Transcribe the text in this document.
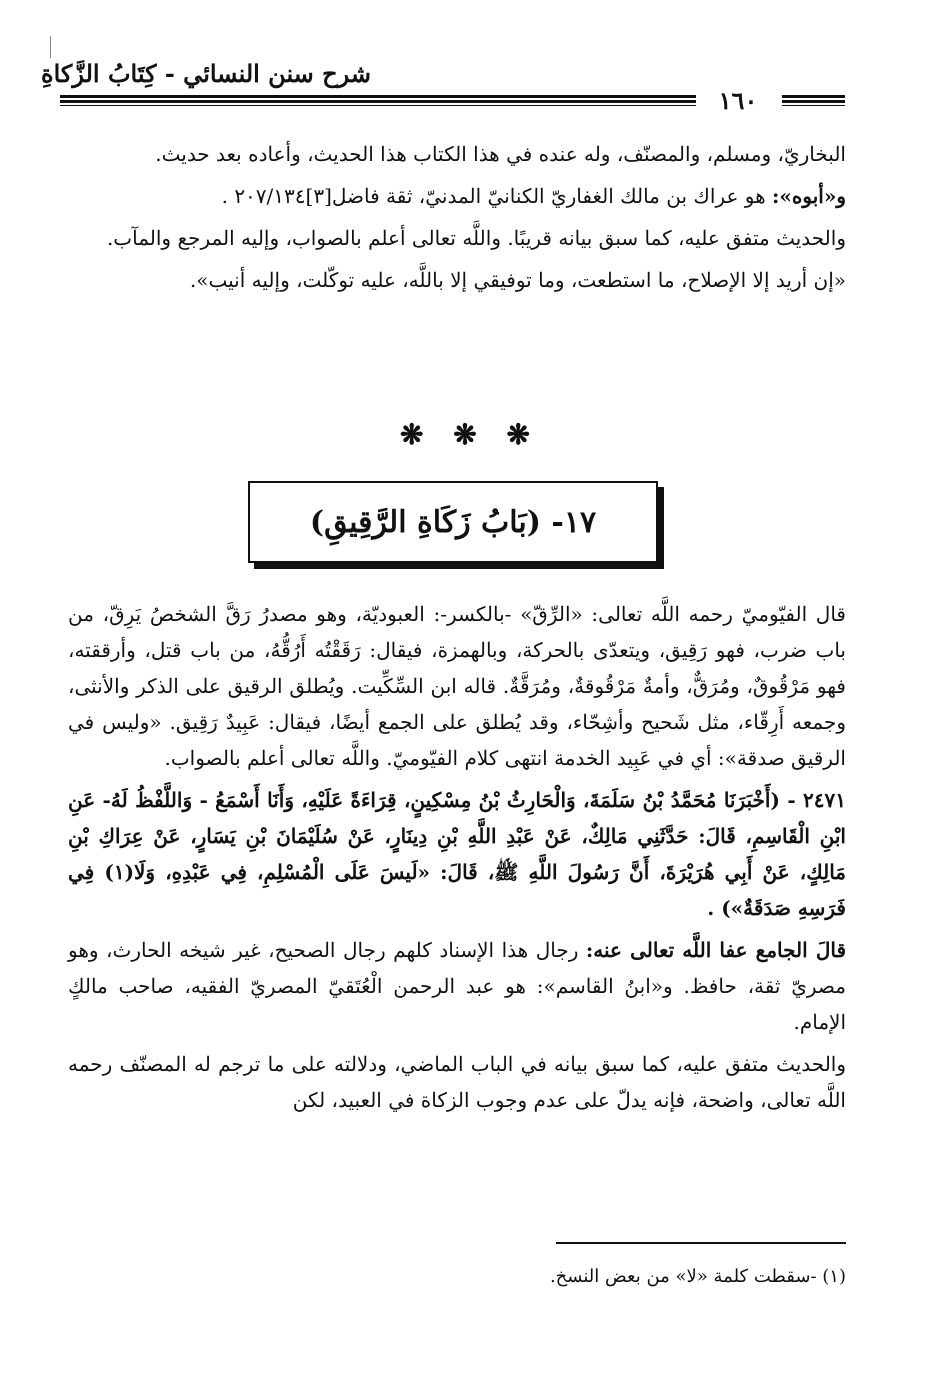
شرح سنن النسائي - كِتَابُ الزَّكاةِ
١٦٠

البخاريّ، ومسلم، والمصنّف، وله عنده في هذا الكتاب هذا الحديث، وأعاده بعد حديث.

و«أبوه»: هو عراك بن مالك الغفاريّ الكنانيّ المدنيّ، ثقة فاضل[٣]٢٠٧/١٣٤ .

والحديث متفق عليه، كما سبق بيانه قريبًا. واللَّه تعالى أعلم بالصواب، وإليه المرجع والمآب.

«إن أريد إلا الإصلاح، ما استطعت، وما توفيقي إلا باللَّه، عليه توكّلت، وإليه أنيب».

❋ ❋ ❋
١٧- (بَابُ زَكَاةِ الرَّقِيقِ)

قال الفيّوميّ رحمه اللَّه تعالى: «الرِّقّ» -بالكسر-: العبوديّة، وهو مصدرُ رَقَّ الشخصُ يَرِقّ، من باب ضرب، فهو رَقِيق، ويتعدّى بالحركة، وبالهمزة، فيقال: رَقَقْتُه أَرُقُّهُ، من باب قتل، وأرققته، فهو مَرْقُوقٌ، ومُرَقٌّ، وأمةٌ مَرْقُوقةٌ، ومُرَقَّةٌ. قاله ابن السِّكِّيت. ويُطلق الرقيق على الذكر والأنثى، وجمعه أَرِقّاء، مثل شَحيح وأشِحّاء، وقد يُطلق على الجمع أيضًا، فيقال: عَبِيدٌ رَقِيق. «وليس في الرقيق صدقة»: أي في عَبِيد الخدمة انتهى كلام الفيّوميّ. واللَّه تعالى أعلم بالصواب.

٢٤٧١ - (أَخْبَرَنَا مُحَمَّدُ بْنُ سَلَمَةَ، وَالْحَارِثُ بْنُ مِسْكِينٍ، قِرَاءَةً عَلَيْهِ، وَأَنَا أَسْمَعُ - وَاللَّفْظُ لَهُ- عَنِ ابْنِ الْقَاسِمِ، قَالَ: حَدَّثَنِي مَالِكٌ، عَنْ عَبْدِ اللَّهِ بْنِ دِينَارٍ، عَنْ سُلَيْمَانَ بْنِ يَسَارٍ، عَنْ عِرَاكِ بْنِ مَالِكٍ، عَنْ أَبِي هُرَيْرَةَ، أَنَّ رَسُولَ اللَّهِ ﷺ، قَالَ: «لَيسَ عَلَى الْمُسْلِمِ، فِي عَبْدِهِ، وَلَا(١) فِي فَرَسِهِ صَدَقَةٌ») .

قالَ الجامع عفا اللَّه تعالى عنه: رجال هذا الإسناد كلهم رجال الصحيح، غير شيخه الحارث، وهو مصريّ ثقة، حافظ. و«ابنُ القاسم»: هو عبد الرحمن الْعُتَقيّ المصريّ الفقيه، صاحب مالكٍ الإمام.

والحديث متفق عليه، كما سبق بيانه في الباب الماضي، ودلالته على ما ترجم له المصنّف رحمه اللَّه تعالى، واضحة، فإنه يدلّ على عدم وجوب الزكاة في العبيد، لكن

(١) -سقطت كلمة «لا» من بعض النسخ.
